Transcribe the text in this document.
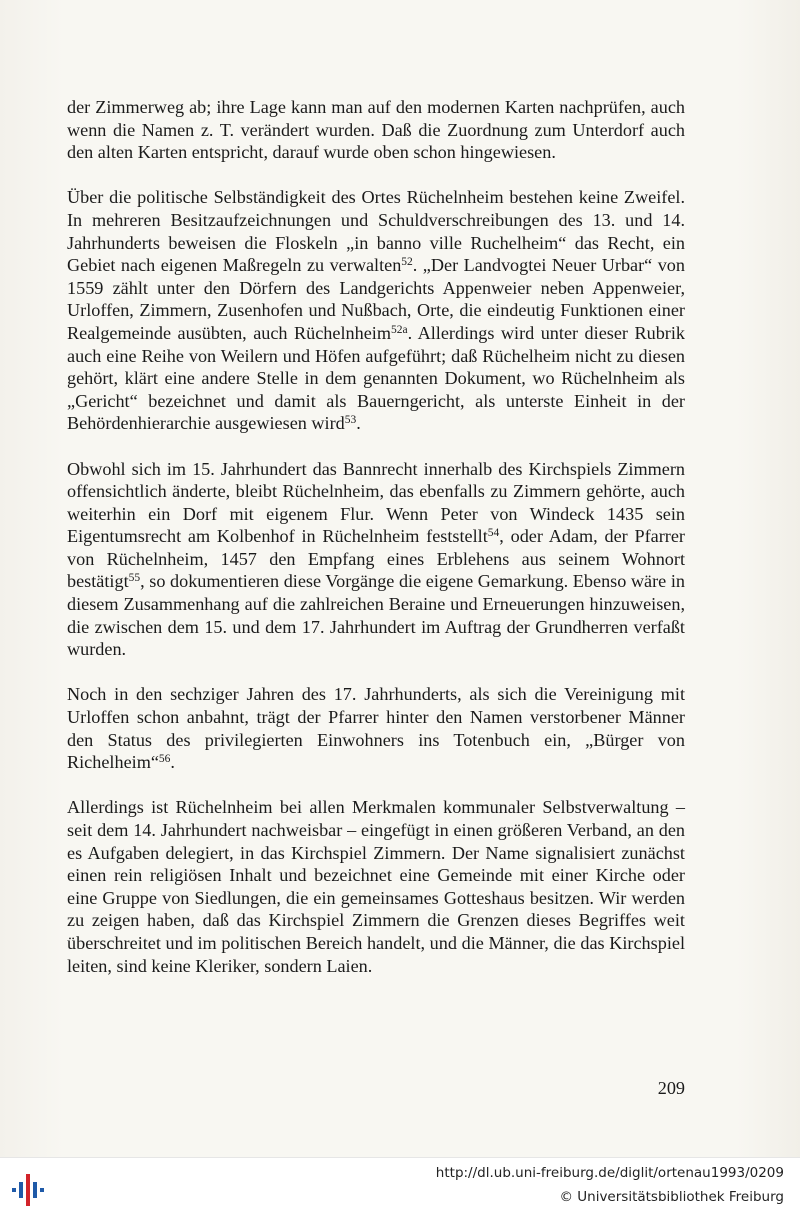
der Zimmerweg ab; ihre Lage kann man auf den modernen Karten nachprüfen, auch wenn die Namen z. T. verändert wurden. Daß die Zuordnung zum Unterdorf auch den alten Karten entspricht, darauf wurde oben schon hingewiesen.

Über die politische Selbständigkeit des Ortes Rüchelnheim bestehen keine Zweifel. In mehreren Besitzaufzeichnungen und Schuldverschreibungen des 13. und 14. Jahrhunderts beweisen die Floskeln „in banno ville Ruchelheim“ das Recht, ein Gebiet nach eigenen Maßregeln zu verwalten$^{52}$. „Der Landvogtei Neuer Urbar“ von 1559 zählt unter den Dörfern des Landgerichts Appenweier neben Appenweier, Urloffen, Zimmern, Zusenhofen und Nußbach, Orte, die eindeutig Funktionen einer Realgemeinde ausübten, auch Rüchelnheim$^{52a}$. Allerdings wird unter dieser Rubrik auch eine Reihe von Weilern und Höfen aufgeführt; daß Rüchelheim nicht zu diesen gehört, klärt eine andere Stelle in dem genannten Dokument, wo Rüchelnheim als „Gericht“ bezeichnet und damit als Bauerngericht, als unterste Einheit in der Behördenhierarchie ausgewiesen wird$^{53}$.

Obwohl sich im 15. Jahrhundert das Bannrecht innerhalb des Kirchspiels Zimmern offensichtlich änderte, bleibt Rüchelnheim, das ebenfalls zu Zimmern gehörte, auch weiterhin ein Dorf mit eigenem Flur. Wenn Peter von Windeck 1435 sein Eigentumsrecht am Kolbenhof in Rüchelnheim feststellt$^{54}$, oder Adam, der Pfarrer von Rüchelnheim, 1457 den Empfang eines Erblehens aus seinem Wohnort bestätigt$^{55}$, so dokumentieren diese Vorgänge die eigene Gemarkung. Ebenso wäre in diesem Zusammenhang auf die zahlreichen Beraine und Erneuerungen hinzuweisen, die zwischen dem 15. und dem 17. Jahrhundert im Auftrag der Grundherren verfaßt wurden.

Noch in den sechziger Jahren des 17. Jahrhunderts, als sich die Vereinigung mit Urloffen schon anbahnt, trägt der Pfarrer hinter den Namen verstorbener Männer den Status des privilegierten Einwohners ins Totenbuch ein, „Bürger von Richelheim“$^{56}$.

Allerdings ist Rüchelnheim bei allen Merkmalen kommunaler Selbstverwaltung – seit dem 14. Jahrhundert nachweisbar – eingefügt in einen größeren Verband, an den es Aufgaben delegiert, in das Kirchspiel Zimmern. Der Name signalisiert zunächst einen rein religiösen Inhalt und bezeichnet eine Gemeinde mit einer Kirche oder eine Gruppe von Siedlungen, die ein gemeinsames Gotteshaus besitzen. Wir werden zu zeigen haben, daß das Kirchspiel Zimmern die Grenzen dieses Begriffes weit überschreitet und im politischen Bereich handelt, und die Männer, die das Kirchspiel leiten, sind keine Kleriker, sondern Laien.

209
http://dl.ub.uni-freiburg.de/diglit/ortenau1993/0209
© Universitätsbibliothek Freiburg
